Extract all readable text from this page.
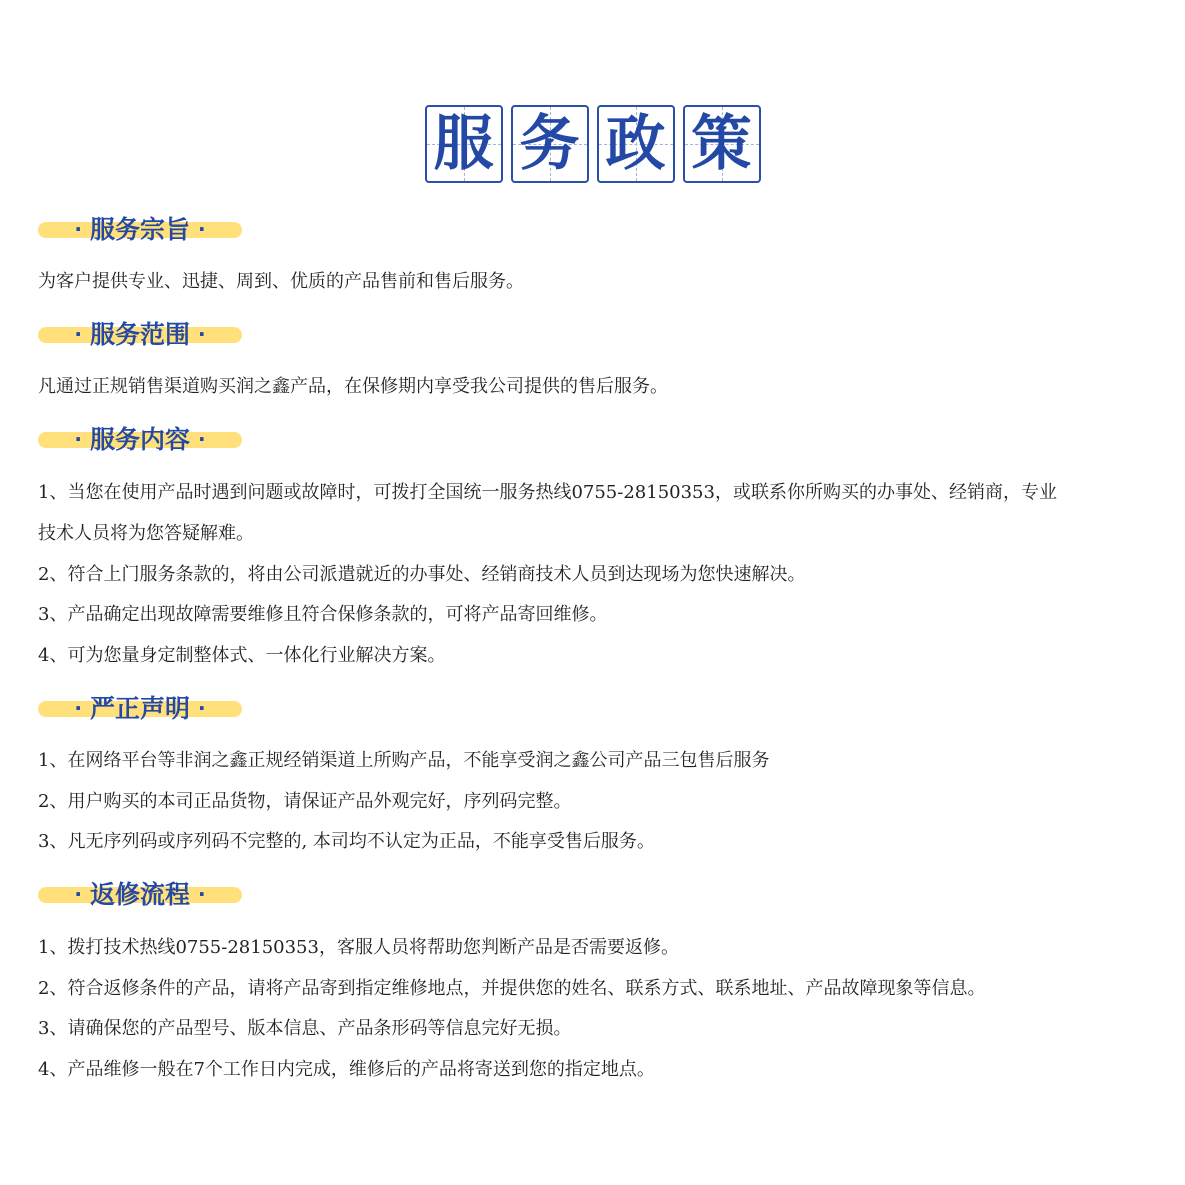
服 务 政 策
· 服务宗旨 ·

为客户提供专业、迅捷、周到、优质的产品售前和售后服务。

· 服务范围 ·

凡通过正规销售渠道购买润之鑫产品，在保修期内享受我公司提供的售后服务。

· 服务内容 ·

1、当您在使用产品时遇到问题或故障时，可拨打全国统一服务热线0755-28150353，或联系你所购买的办事处、经销商，专业

技术人员将为您答疑解难。

2、符合上门服务条款的，将由公司派遣就近的办事处、经销商技术人员到达现场为您快速解决。

3、产品确定出现故障需要维修且符合保修条款的，可将产品寄回维修。

4、可为您量身定制整体式、一体化行业解决方案。

· 严正声明 ·

1、在网络平台等非润之鑫正规经销渠道上所购产品，不能享受润之鑫公司产品三包售后服务

2、用户购买的本司正品货物，请保证产品外观完好，序列码完整。

3、凡无序列码或序列码不完整的, 本司均不认定为正品，不能享受售后服务。

· 返修流程 ·

1、拨打技术热线0755-28150353，客服人员将帮助您判断产品是否需要返修。

2、符合返修条件的产品，请将产品寄到指定维修地点，并提供您的姓名、联系方式、联系地址、产品故障现象等信息。

3、请确保您的产品型号、版本信息、产品条形码等信息完好无损。

4、产品维修一般在7个工作日内完成，维修后的产品将寄送到您的指定地点。
